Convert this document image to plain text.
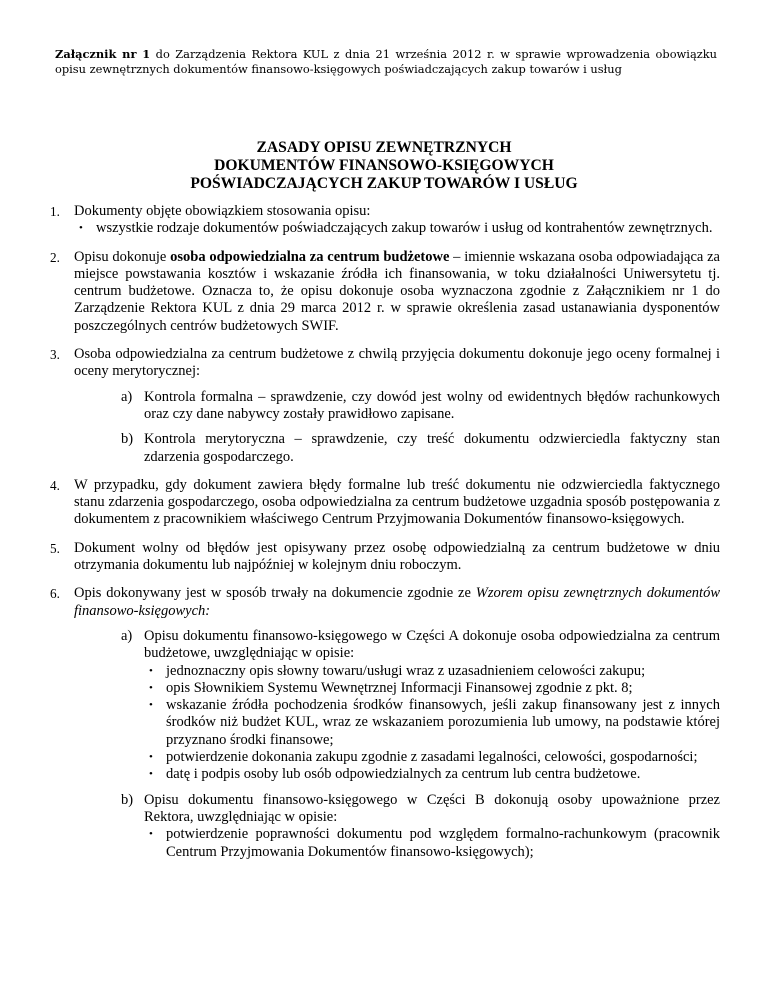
Załącznik nr 1 do Zarządzenia Rektora KUL z dnia 21 września 2012 r. w sprawie wprowadzenia obowiązku opisu zewnętrznych dokumentów finansowo-księgowych poświadczających zakup towarów i usług
ZASADY OPISU ZEWNĘTRZNYCH
DOKUMENTÓW FINANSOWO-KSIĘGOWYCH
POŚWIADCZAJĄCYCH ZAKUP TOWARÓW I USŁUG
1. Dokumenty objęte obowiązkiem stosowania opisu:
• wszystkie rodzaje dokumentów poświadczających zakup towarów i usług od kontrahentów zewnętrznych.
2. Opisu dokonuje osoba odpowiedzialna za centrum budżetowe – imiennie wskazana osoba odpowiadająca za miejsce powstawania kosztów i wskazanie źródła ich finansowania, w toku działalności Uniwersytetu tj. centrum budżetowe. Oznacza to, że opisu dokonuje osoba wyznaczona zgodnie z Załącznikiem nr 1 do Zarządzenie Rektora KUL z dnia 29 marca 2012 r. w sprawie określenia zasad ustanawiania dysponentów poszczególnych centrów budżetowych SWIF.
3. Osoba odpowiedzialna za centrum budżetowe z chwilą przyjęcia dokumentu dokonuje jego oceny formalnej i oceny merytorycznej:
a) Kontrola formalna – sprawdzenie, czy dowód jest wolny od ewidentnych błędów rachunkowych oraz czy dane nabywcy zostały prawidłowo zapisane.
b) Kontrola merytoryczna – sprawdzenie, czy treść dokumentu odzwierciedla faktyczny stan zdarzenia gospodarczego.
4. W przypadku, gdy dokument zawiera błędy formalne lub treść dokumentu nie odzwierciedla faktycznego stanu zdarzenia gospodarczego, osoba odpowiedzialna za centrum budżetowe uzgadnia sposób postępowania z dokumentem z pracownikiem właściwego Centrum Przyjmowania Dokumentów finansowo-księgowych.
5. Dokument wolny od błędów jest opisywany przez osobę odpowiedzialną za centrum budżetowe w dniu otrzymania dokumentu lub najpóźniej w kolejnym dniu roboczym.
6. Opis dokonywany jest w sposób trwały na dokumencie zgodnie ze Wzorem opisu zewnętrznych dokumentów finansowo-księgowych:
a) Opisu dokumentu finansowo-księgowego w Części A dokonuje osoba odpowiedzialna za centrum budżetowe, uwzględniając w opisie:
• jednoznaczny opis słowny towaru/usługi wraz z uzasadnieniem celowości zakupu;
• opis Słownikiem Systemu Wewnętrznej Informacji Finansowej zgodnie z pkt. 8;
• wskazanie źródła pochodzenia środków finansowych, jeśli zakup finansowany jest z innych środków niż budżet KUL, wraz ze wskazaniem porozumienia lub umowy, na podstawie której przyznano środki finansowe;
• potwierdzenie dokonania zakupu zgodnie z zasadami legalności, celowości, gospodarności;
• datę i podpis osoby lub osób odpowiedzialnych za centrum lub centra budżetowe.
b) Opisu dokumentu finansowo-księgowego w Części B dokonują osoby upoważnione przez Rektora, uwzględniając w opisie:
• potwierdzenie poprawności dokumentu pod względem formalno-rachunkowym (pracownik Centrum Przyjmowania Dokumentów finansowo-księgowych);
